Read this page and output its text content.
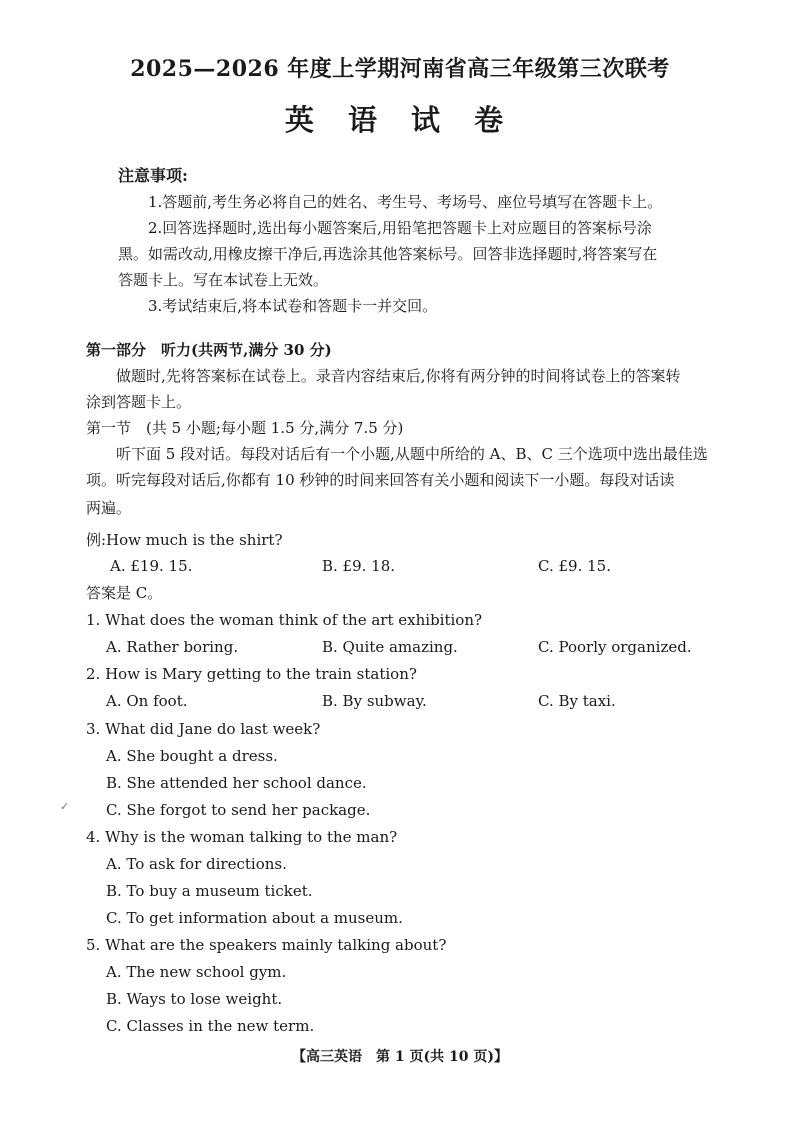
2025—2026 年度上学期河南省高三年级第三次联考
英 语 试 卷
注意事项:
1.答题前,考生务必将自己的姓名、考生号、考场号、座位号填写在答题卡上。
2.回答选择题时,选出每小题答案后,用铅笔把答题卡上对应题目的答案标号涂
黑。如需改动,用橡皮擦干净后,再选涂其他答案标号。回答非选择题时,将答案写在
答题卡上。写在本试卷上无效。
3.考试结束后,将本试卷和答题卡一并交回。
第一部分　听力(共两节,满分 30 分)
做题时,先将答案标在试卷上。录音内容结束后,你将有两分钟的时间将试卷上的答案转
涂到答题卡上。
第一节　(共 5 小题;每小题 1.5 分,满分 7.5 分)
听下面 5 段对话。每段对话后有一个小题,从题中所给的 A、B、C 三个选项中选出最佳选
项。听完每段对话后,你都有 10 秒钟的时间来回答有关小题和阅读下一小题。每段对话读
两遍。
例:How much is the shirt?
A. £19. 15.	B. £9. 18.	C. £9. 15.
答案是 C。
1. What does the woman think of the art exhibition?
A. Rather boring.	B. Quite amazing.	C. Poorly organized.
2. How is Mary getting to the train station?
A. On foot.	B. By subway.	C. By taxi.
3. What did Jane do last week?
A. She bought a dress.
B. She attended her school dance.
C. She forgot to send her package.
4. Why is the woman talking to the man?
A. To ask for directions.
B. To buy a museum ticket.
C. To get information about a museum.
5. What are the speakers mainly talking about?
A. The new school gym.
B. Ways to lose weight.
C. Classes in the new term.
✓
【高三英语　第 1 页(共 10 页)】
